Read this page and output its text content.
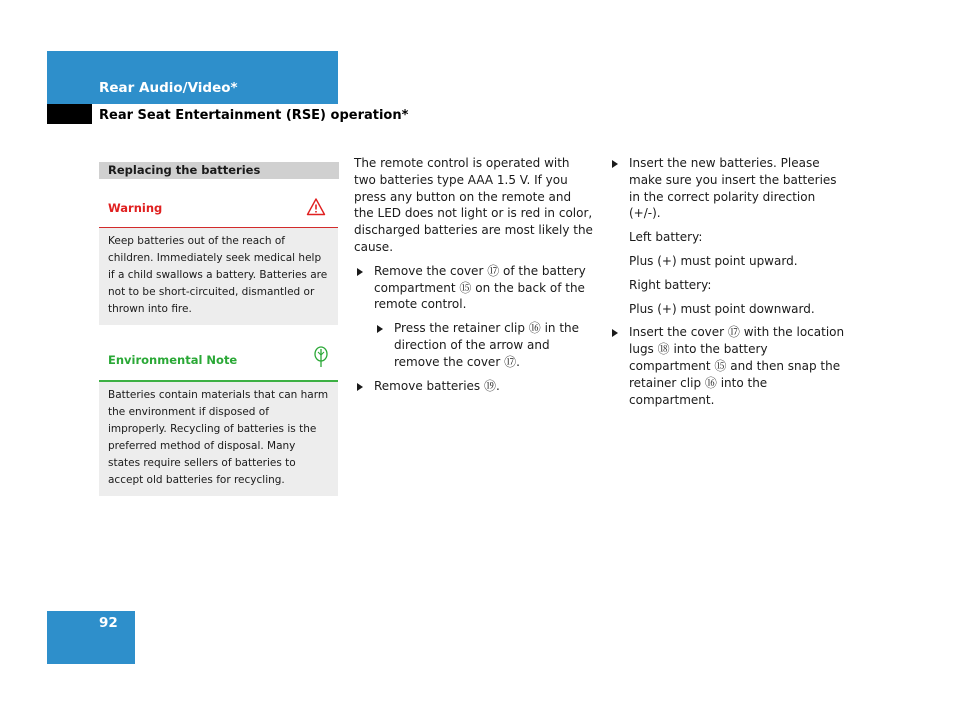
Rear Audio/Video*
Rear Seat Entertainment (RSE) operation*
Replacing the batteries
Warning
Keep batteries out of the reach of children. Immediately seek medical help if a child swallows a battery. Batteries are not to be short-circuited, dismantled or thrown into fire.
Environmental Note
Batteries contain materials that can harm the environment if disposed of improperly. Recycling of batteries is the preferred method of disposal. Many states require sellers of batteries to accept old batteries for recycling.

The remote control is operated with two batteries type AAA 1.5 V. If you press any button on the remote and the LED does not light or is red in color, discharged batteries are most likely the cause.

Remove the cover ⑰ of the battery compartment ⑮ on the back of the remote control.

Press the retainer clip ⑯ in the direction of the arrow and remove the cover ⑰.

Remove batteries ⑲.

Insert the new batteries. Please make sure you insert the batteries in the correct polarity direction (+/-).

Left battery:

Plus (+) must point upward.

Right battery:

Plus (+) must point downward.

Insert the cover ⑰ with the location lugs ⑱ into the battery compartment ⑮ and then snap the retainer clip ⑯ into the compartment.

92
